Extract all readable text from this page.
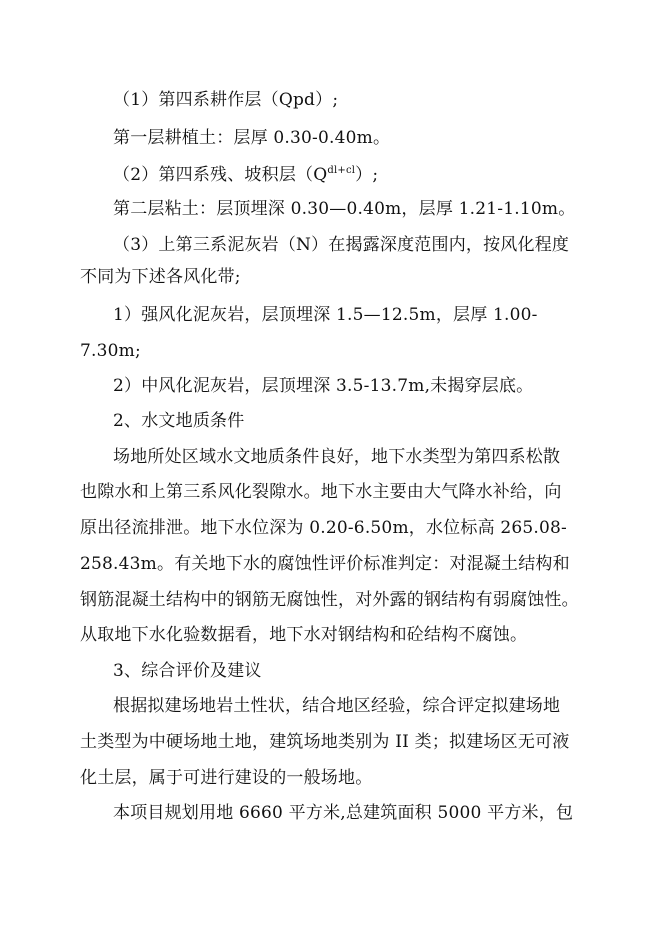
（1）第四系耕作层（Qpd）;
第一层耕植土：层厚 0.30-0.40m。
（2）第四系残、坡积层$(Q^{dl+cl})$;
第二层粘土：层顶埋深 0.30—0.40m，层厚 1.21-1.10m。
（3）上第三系泥灰岩（N）在揭露深度范围内，按风化程度
不同为下述各风化带;
1）强风化泥灰岩，层顶埋深 1.5—12.5m，层厚 1.00-
7.30m;
2）中风化泥灰岩，层顶埋深 3.5-13.7m,未揭穿层底。
2、水文地质条件
场地所处区域水文地质条件良好，地下水类型为第四系松散
也隙水和上第三系风化裂隙水。地下水主要由大气降水补给，向
原出径流排泄。地下水位深为 0.20-6.50m，水位标高 265.08-
258.43m。有关地下水的腐蚀性评价标准判定：对混凝土结构和
钢筋混凝土结构中的钢筋无腐蚀性，对外露的钢结构有弱腐蚀性。
从取地下水化验数据看，地下水对钢结构和砼结构不腐蚀。
3、综合评价及建议
根据拟建场地岩土性状，结合地区经验，综合评定拟建场地
土类型为中硬场地土地，建筑场地类别为 II 类；拟建场区无可液
化土层，属于可进行建设的一般场地。
本项目规划用地 6660 平方米,总建筑面积 5000 平方米，包
